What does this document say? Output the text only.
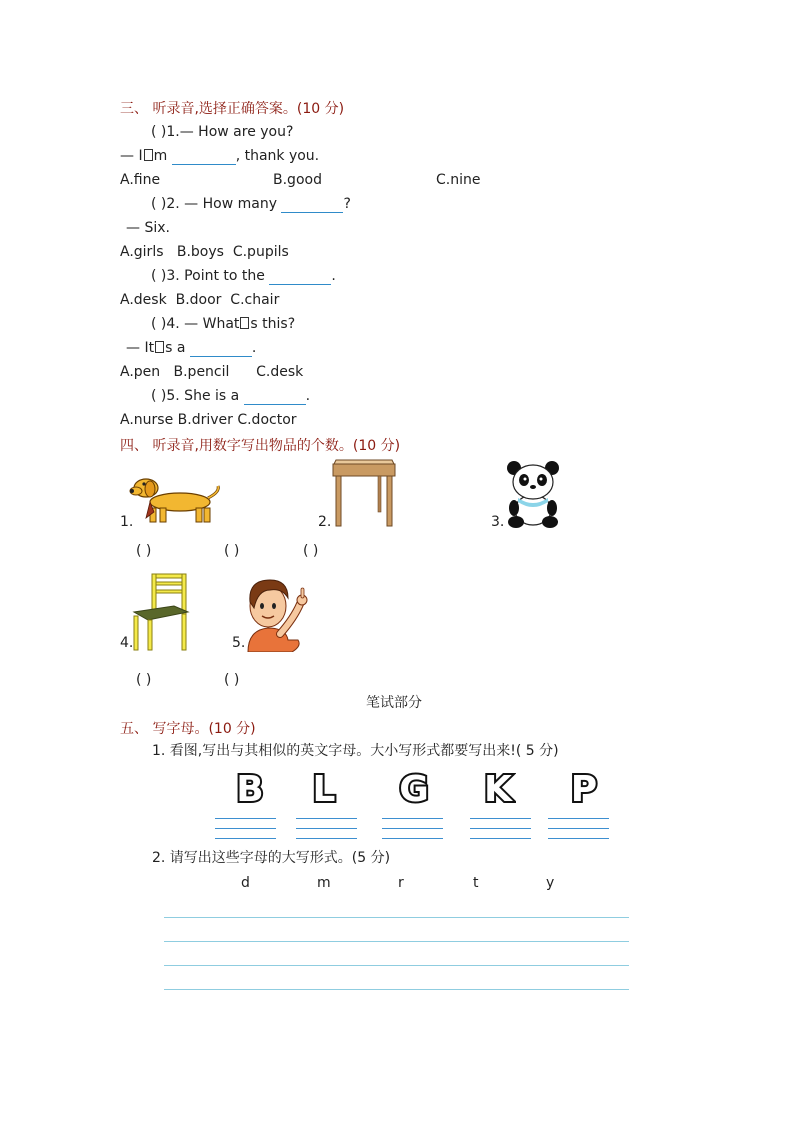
三、 听录音,选择正确答案。(10 分)
( )1.— How are you?
— I m	, thank you.
A.fine	B.good	C.nine
( )2. — How many	?
— Six.
A.girls   B.boys  C.pupils
( )3. Point to the	.
A.desk  B.door  C.chair
( )4. — What s this?
— It s a	.
A.pen   B.pencil      C.desk
( )5. She is a	.
A.nurse B.driver C.doctor
四、 听录音,用数字写出物品的个数。(10 分)
1.	2.	3.
( )	( )	( )
4.	5.
( )	( )
笔试部分
五、 写字母。(10 分)
1. 看图,写出与其相似的英文字母。大小写形式都要写出来!( 5 分)
B L G K P
2. 请写出这些字母的大写形式。(5 分)
d	m	r	t	y
